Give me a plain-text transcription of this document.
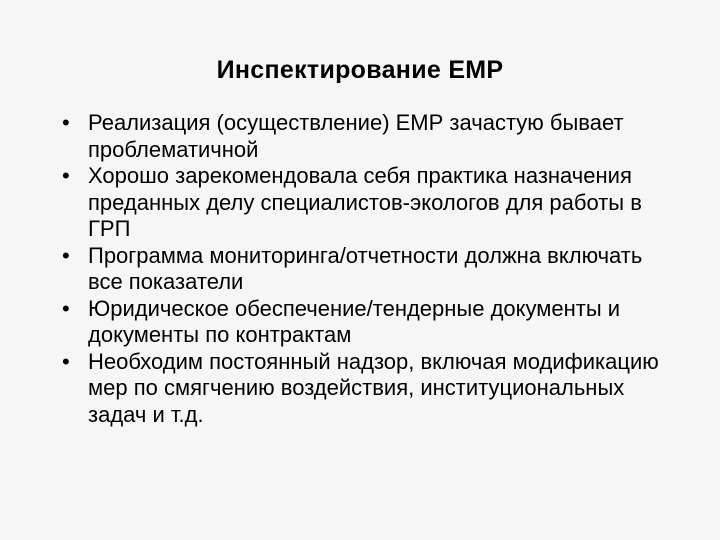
Инспектирование ЕМР
• Реализация (осуществление) ЕМР зачастую бывает проблематичной
• Хорошо зарекомендовала себя практика назначения преданных делу специалистов-экологов для работы в ГРП
• Программа мониторинга/отчетности должна включать все показатели
• Юридическое обеспечение/тендерные документы и документы по контрактам
• Необходим постоянный надзор, включая модификацию мер по смягчению воздействия, институциональных задач и т.д.
